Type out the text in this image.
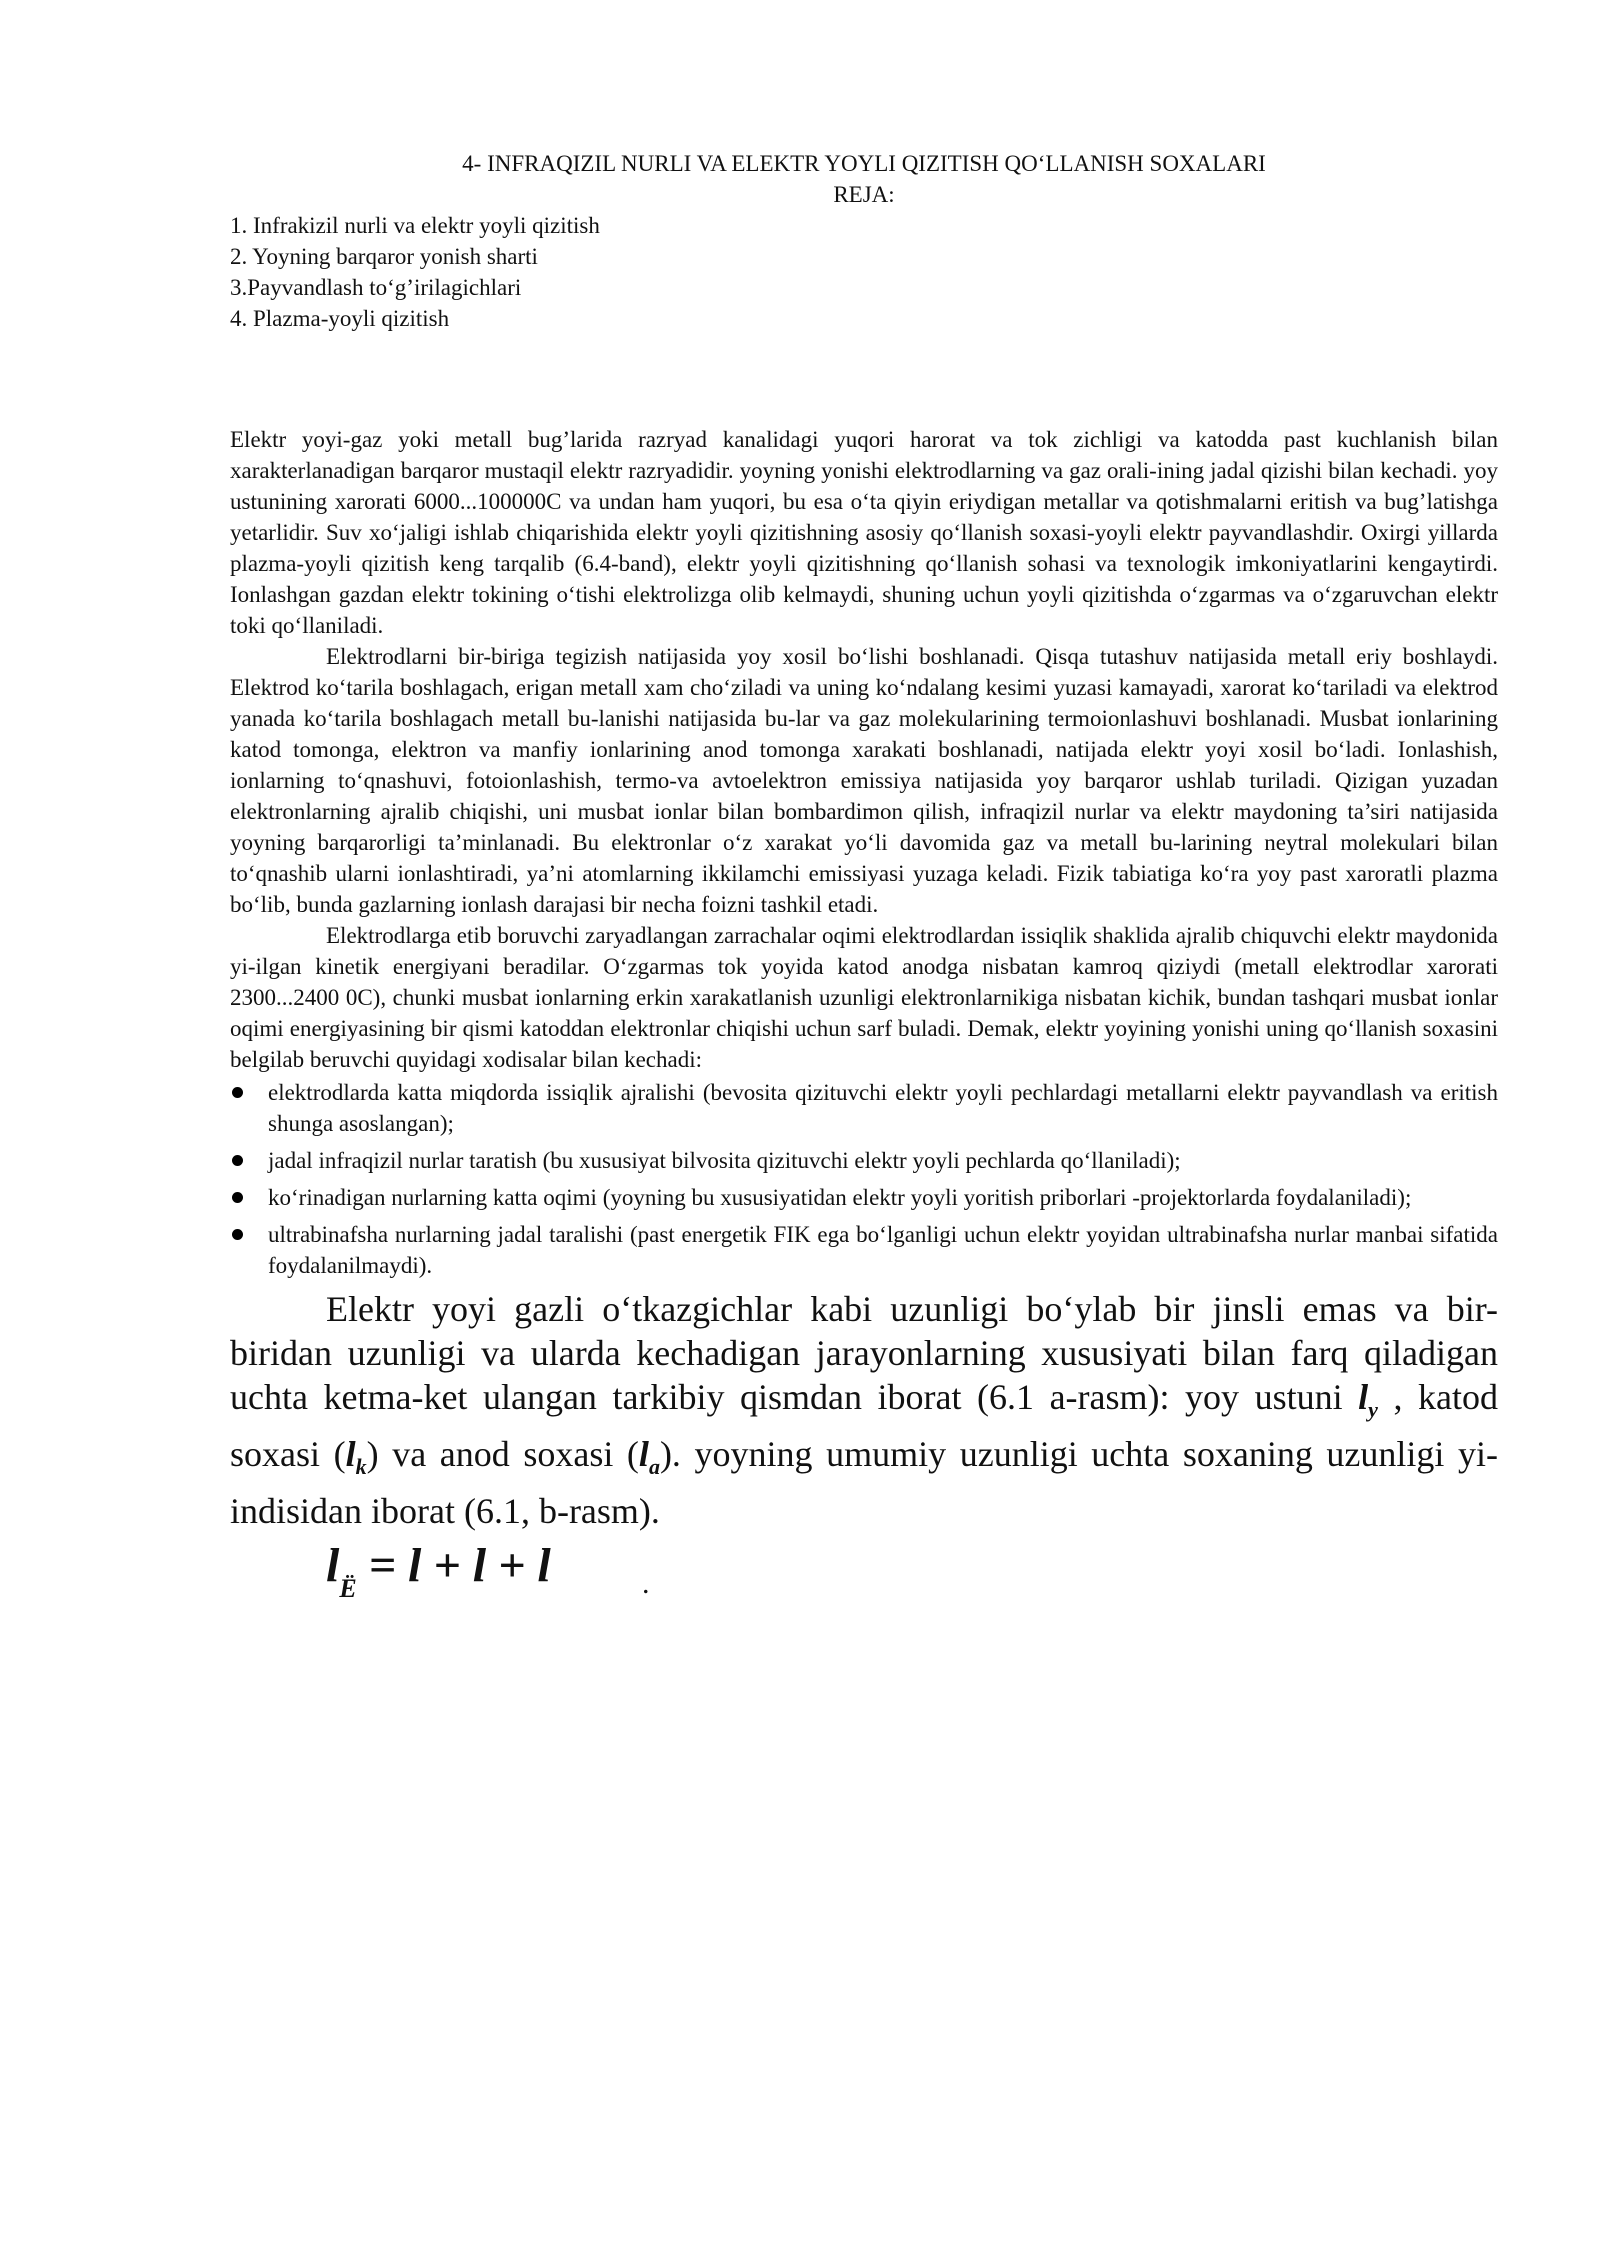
4- INFRAQIZIL NURLI VA ELEKTR YOYLI QIZITISH QO‘LLANISH SOXALARI
REJA:
1. Infrakizil nurli va elektr yoyli qizitish
2. Yoyning barqaror yonish sharti
3.Payvandlash to‘g’irilagichlari
4. Plazma-yoyli qizitish

Elektr yoyi-gaz yoki metall bug’larida razryad kanalidagi yuqori harorat va tok zichligi va katodda past kuchlanish bilan xarakterlanadigan barqaror mustaqil elektr razryadidir. yoyning yonishi elektrodlarning va gaz orali-ining jadal qizishi bilan kechadi. yoy ustunining xarorati 6000...100000C va undan ham yuqori, bu esa o‘ta qiyin eriydigan metallar va qotishmalarni eritish va bug’latishga yetarlidir. Suv xo‘jaligi ishlab chiqarishida elektr yoyli qizitishning asosiy qo‘llanish soxasi-yoyli elektr payvandlashdir. Oxirgi yillarda plazma-yoyli qizitish keng tarqalib (6.4-band), elektr yoyli qizitishning qo‘llanish sohasi va texnologik imkoniyatlarini kengaytirdi. Ionlashgan gazdan elektr tokining o‘tishi elektrolizga olib kelmaydi, shuning uchun yoyli qizitishda o‘zgarmas va o‘zgaruvchan elektr toki qo‘llaniladi.

Elektrodlarni bir-biriga tegizish natijasida yoy xosil bo‘lishi boshlanadi. Qisqa tutashuv natijasida metall eriy boshlaydi. Elektrod ko‘tarila boshlagach, erigan metall xam cho‘ziladi va uning ko‘ndalang kesimi yuzasi kamayadi, xarorat ko‘tariladi va elektrod yanada ko‘tarila boshlagach metall bu-lanishi natijasida bu-lar va gaz molekularining termoionlashuvi boshlanadi. Musbat ionlarining katod tomonga, elektron va manfiy ionlarining anod tomonga xarakati boshlanadi, natijada elektr yoyi xosil bo‘ladi. Ionlashish, ionlarning to‘qnashuvi, fotoionlashish, termo-va avtoelektron emissiya natijasida yoy barqaror ushlab turiladi. Qizigan yuzadan elektronlarning ajralib chiqishi, uni musbat ionlar bilan bombardimon qilish, infraqizil nurlar va elektr maydoning ta’siri natijasida yoyning barqarorligi ta’minlanadi. Bu elektronlar o‘z xarakat yo‘li davomida gaz va metall bu-larining neytral molekulari bilan to‘qnashib ularni ionlashtiradi, ya’ni atomlarning ikkilamchi emissiyasi yuzaga keladi. Fizik tabiatiga ko‘ra yoy past xaroratli plazma bo‘lib, bunda gazlarning ionlash darajasi bir necha foizni tashkil etadi.

Elektrodlarga etib boruvchi zaryadlangan zarrachalar oqimi elektrodlardan issiqlik shaklida ajralib chiquvchi elektr maydonida yi-ilgan kinetik energiyani beradilar. O‘zgarmas tok yoyida katod anodga nisbatan kamroq qiziydi (metall elektrodlar xarorati 2300...2400 0C), chunki musbat ionlarning erkin xarakatlanish uzunligi elektronlarnikiga nisbatan kichik, bundan tashqari musbat ionlar oqimi energiyasining bir qismi katoddan elektronlar chiqishi uchun sarf buladi. Demak, elektr yoyining yonishi uning qo‘llanish soxasini belgilab beruvchi quyidagi xodisalar bilan kechadi:

elektrodlarda katta miqdorda issiqlik ajralishi (bevosita qizituvchi elektr yoyli pechlardagi metallarni elektr payvandlash va eritish shunga asoslangan);
jadal infraqizil nurlar taratish (bu xususiyat bilvosita qizituvchi elektr yoyli pechlarda qo‘llaniladi);
ko‘rinadigan nurlarning katta oqimi (yoyning bu xususiyatidan elektr yoyli yoritish priborlari -projektorlarda foydalaniladi);
ultrabinafsha nurlarning jadal taralishi (past energetik FIK ega bo‘lganligi uchun elektr yoyidan ultrabinafsha nurlar manbai sifatida foydalanilmaydi).

Elektr yoyi gazli o‘tkazgichlar kabi uzunligi bo‘ylab bir jinsli emas va bir-biridan uzunligi va ularda kechadigan jarayonlarning xususiyati bilan farq qiladigan uchta ketma-ket ulangan tarkibiy qismdan iborat (6.1 a-rasm): yoy ustuni $l_y$ , katod soxasi $(l_k)$ va anod soxasi $(l_a)$. yoyning umumiy uzunligi uchta soxaning uzunligi yi-indisidan iborat (6.1, b-rasm).

$l_Ë = l + l + l$	.
